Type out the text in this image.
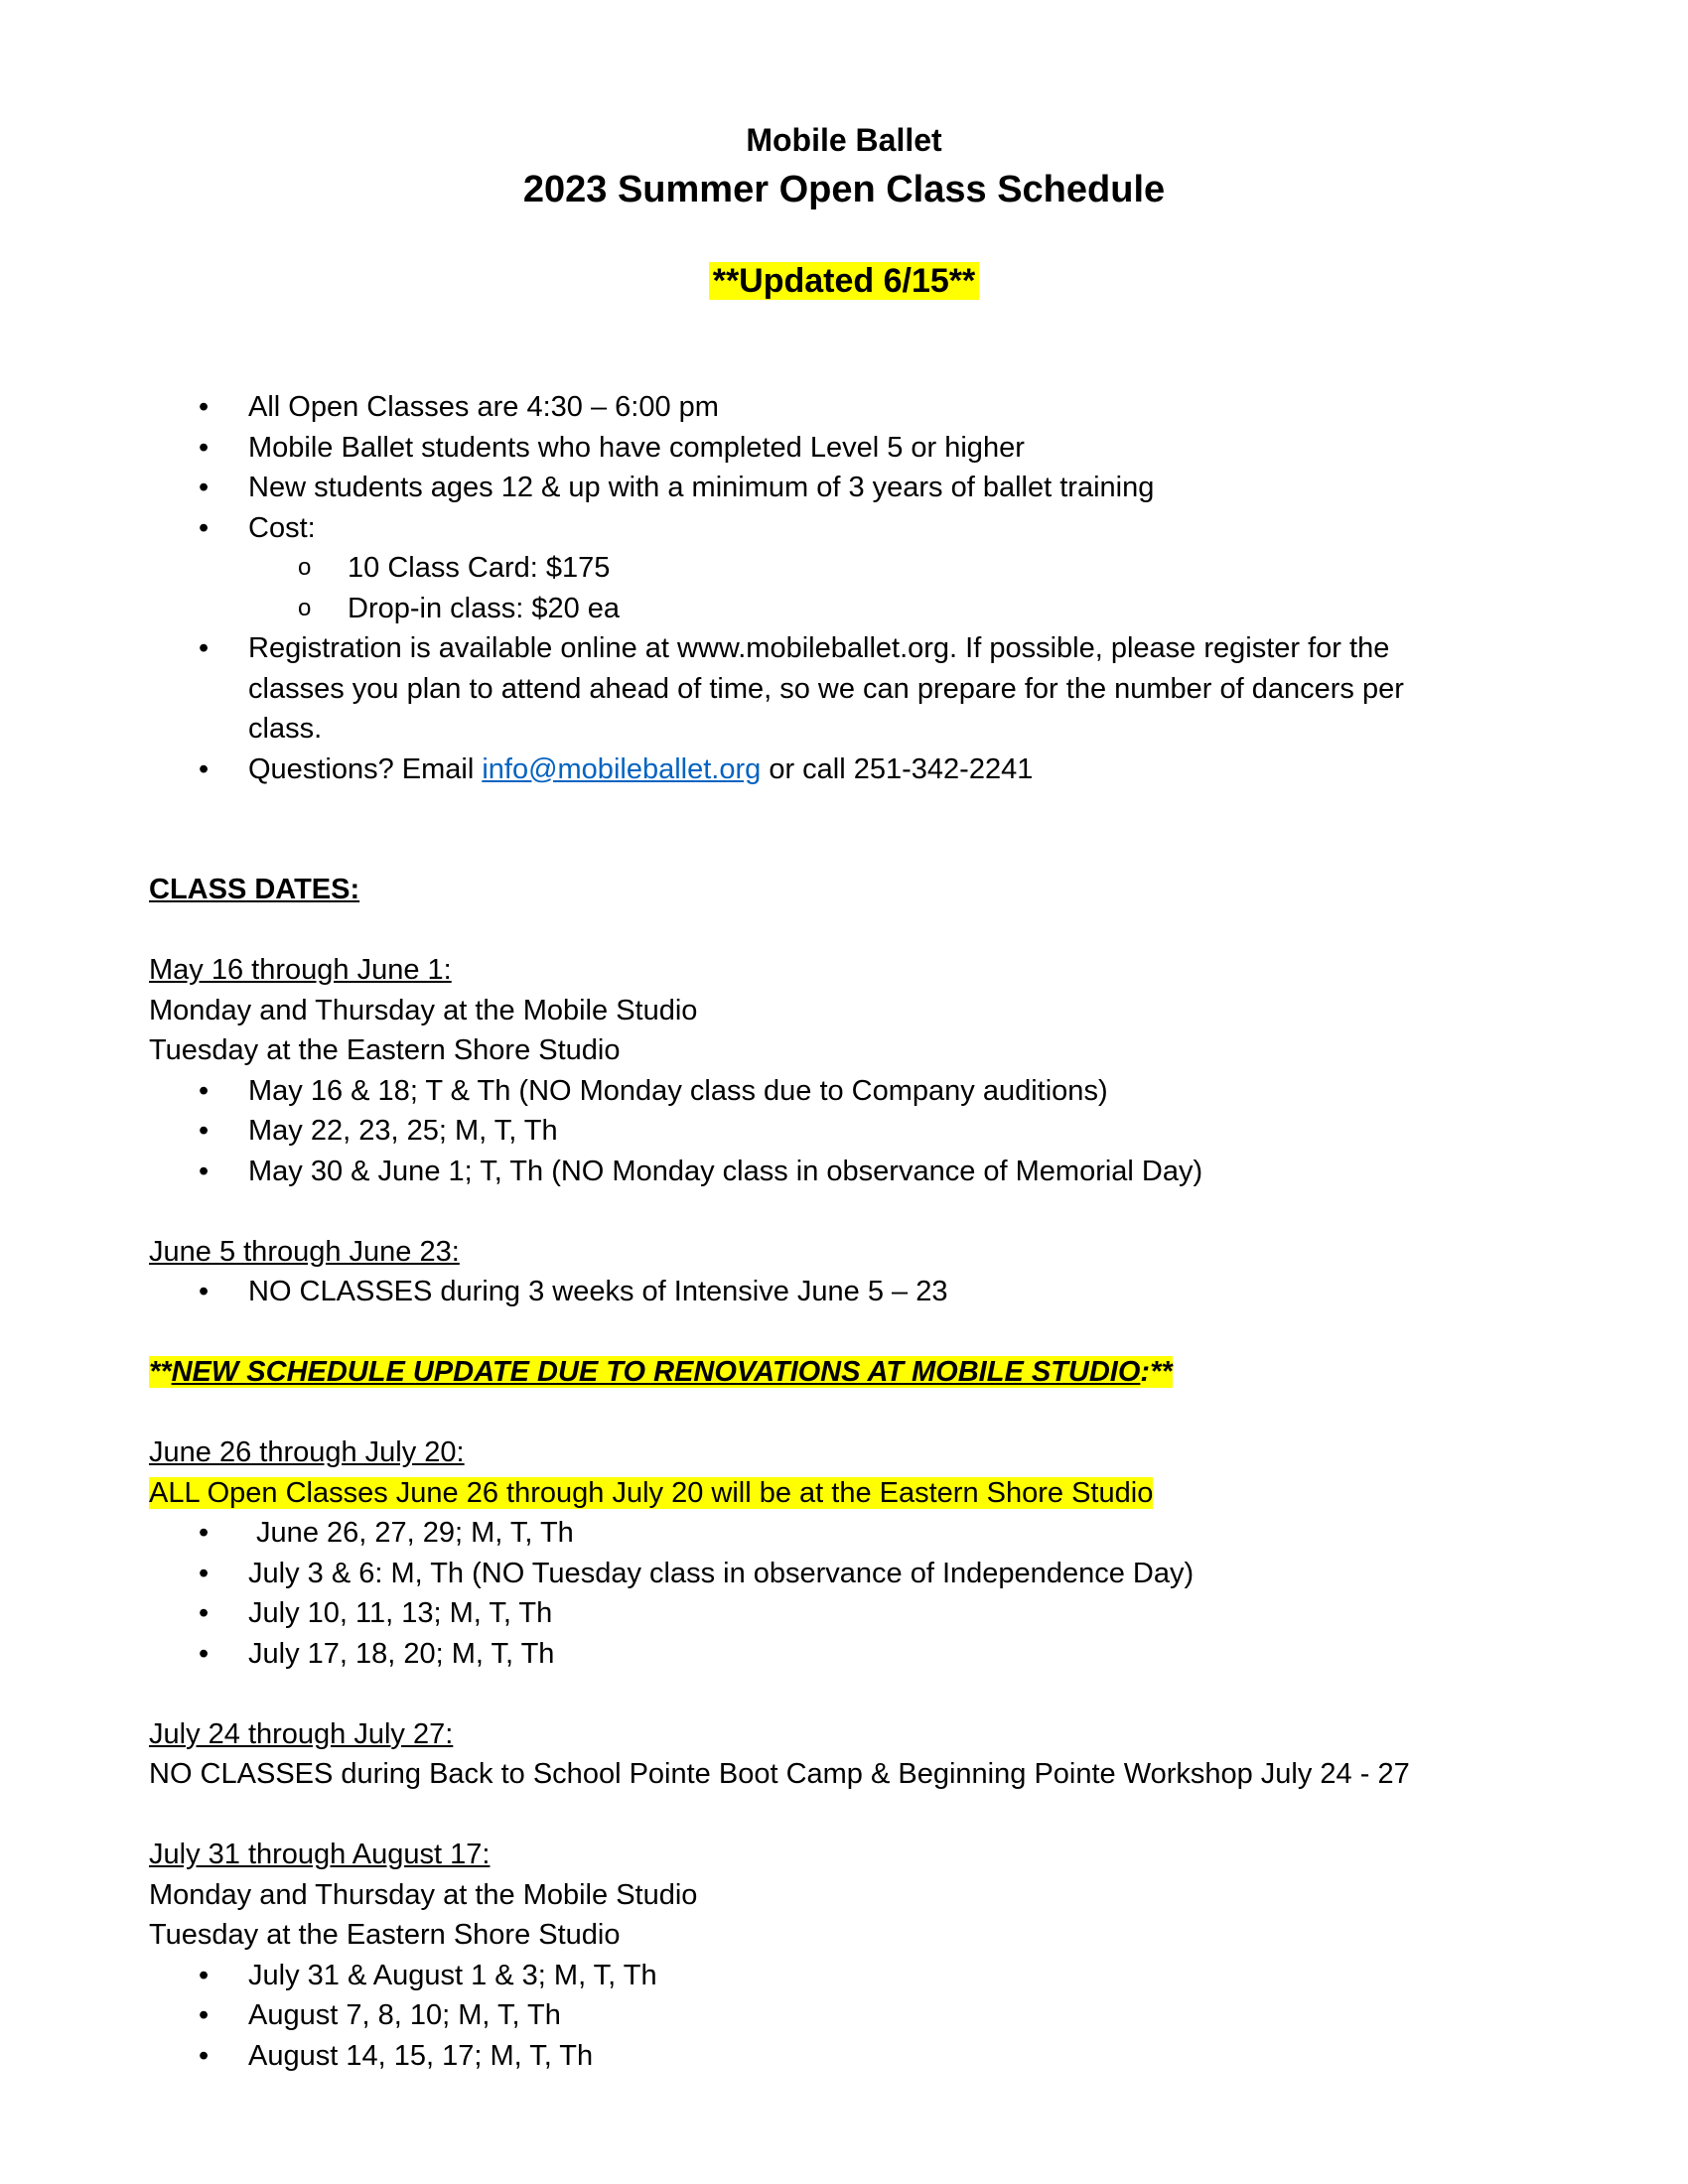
Mobile Ballet
2023 Summer Open Class Schedule
**Updated 6/15**
•	All Open Classes are 4:30 – 6:00 pm
•	Mobile Ballet students who have completed Level 5 or higher
•	New students ages 12 & up with a minimum of 3 years of ballet training
•	Cost:
o 10 Class Card: $175
o Drop-in class: $20 ea
•	Registration is available online at www.mobileballet.org. If possible, please register for the
classes you plan to attend ahead of time, so we can prepare for the number of dancers per
class.
•	Questions? Email info@mobileballet.org or call 251-342-2241
CLASS DATES:
May 16 through June 1:
Monday and Thursday at the Mobile Studio
Tuesday at the Eastern Shore Studio
•	May 16 & 18; T & Th (NO Monday class due to Company auditions)
•	May 22, 23, 25; M, T, Th
•	May 30 & June 1; T, Th (NO Monday class in observance of Memorial Day)
June 5 through June 23:
•	NO CLASSES during 3 weeks of Intensive June 5 – 23
**NEW SCHEDULE UPDATE DUE TO RENOVATIONS AT MOBILE STUDIO:**
June 26 through July 20:
ALL Open Classes June 26 through July 20 will be at the Eastern Shore Studio
•	June 26, 27, 29; M, T, Th
•	July 3 & 6: M, Th (NO Tuesday class in observance of Independence Day)
•	July 10, 11, 13; M, T, Th
•	July 17, 18, 20; M, T, Th
July 24 through July 27:
NO CLASSES during Back to School Pointe Boot Camp & Beginning Pointe Workshop July 24 - 27
July 31 through August 17:
Monday and Thursday at the Mobile Studio
Tuesday at the Eastern Shore Studio
•	July 31 & August 1 & 3; M, T, Th
•	August 7, 8, 10; M, T, Th
•	August 14, 15, 17; M, T, Th
